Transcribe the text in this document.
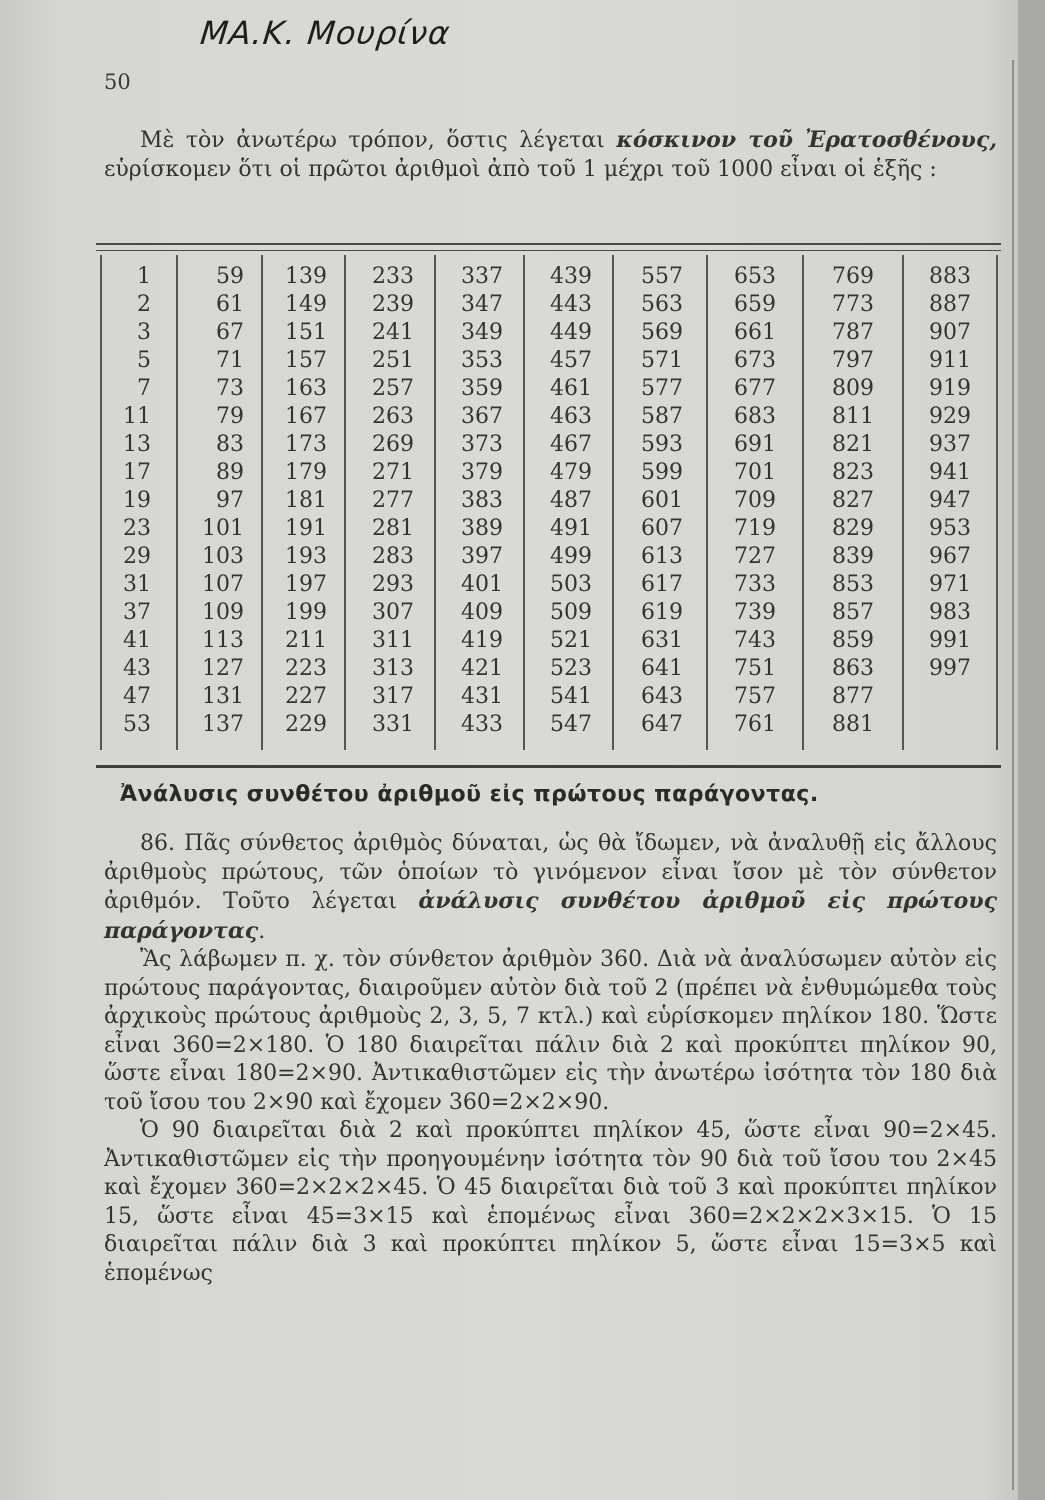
ΜΑ.Κ. Μουρίνα
50

Μὲ τὸν ἀνωτέρω τρόπον, ὅστις λέγεται κόσκινον τοῦ Ἐρατοσθένους, εὑρίσκομεν ὅτι οἱ πρῶτοι ἀριθμοὶ ἀπὸ τοῦ 1 μέχρι τοῦ 1000 εἶναι οἱ ἑξῆς :

1
2
3
5
7
11
13
17
19
23
29
31
37
41
43
47
53
59
61
67
71
73
79
83
89
97
101
103
107
109
113
127
131
137
139
149
151
157
163
167
173
179
181
191
193
197
199
211
223
227
229
233
239
241
251
257
263
269
271
277
281
283
293
307
311
313
317
331
337
347
349
353
359
367
373
379
383
389
397
401
409
419
421
431
433
439
443
449
457
461
463
467
479
487
491
499
503
509
521
523
541
547
557
563
569
571
577
587
593
599
601
607
613
617
619
631
641
643
647
653
659
661
673
677
683
691
701
709
719
727
733
739
743
751
757
761
769
773
787
797
809
811
821
823
827
829
839
853
857
859
863
877
881
883
887
907
911
919
929
937
941
947
953
967
971
983
991
997
Ἀνάλυσις συνθέτου ἀριθμοῦ εἰς πρώτους παράγοντας.

86. Πᾶς σύνθετος ἀριθμὸς δύναται, ὡς θὰ ἴδωμεν, νὰ ἀναλυθῇ εἰς ἄλλους ἀριθμοὺς πρώτους, τῶν ὁποίων τὸ γινόμενον εἶναι ἴσον μὲ τὸν σύνθετον ἀριθμόν. Τοῦτο λέγεται ἀνάλυσις συνθέτου ἀριθμοῦ εἰς πρώτους παράγοντας.

Ἂς λάβωμεν π. χ. τὸν σύνθετον ἀριθμὸν 360. Διὰ νὰ ἀναλύσωμεν αὐτὸν εἰς πρώτους παράγοντας, διαιροῦμεν αὐτὸν διὰ τοῦ 2 (πρέπει νὰ ἐνθυμώμεθα τοὺς ἀρχικοὺς πρώτους ἀριθμοὺς 2, 3, 5, 7 κτλ.) καὶ εὑρίσκομεν πηλίκον 180. Ὥστε εἶναι 360=2×180. Ὁ 180 διαιρεῖται πάλιν διὰ 2 καὶ προκύπτει πηλίκον 90, ὥστε εἶναι 180=2×90. Ἀντικαθιστῶμεν εἰς τὴν ἀνωτέρω ἰσότητα τὸν 180 διὰ τοῦ ἴσου του 2×90 καὶ ἔχομεν 360=2×2×90.

Ὁ 90 διαιρεῖται διὰ 2 καὶ προκύπτει πηλίκον 45, ὥστε εἶναι 90=2×45. Ἀντικαθιστῶμεν εἰς τὴν προηγουμένην ἰσότητα τὸν 90 διὰ τοῦ ἴσου του 2×45 καὶ ἔχομεν 360=2×2×2×45. Ὁ 45 διαιρεῖται διὰ τοῦ 3 καὶ προκύπτει πηλίκον 15, ὥστε εἶναι 45=3×15 καὶ ἑπομένως εἶναι 360=2×2×2×3×15. Ὁ 15 διαιρεῖται πάλιν διὰ 3 καὶ προκύπτει πηλίκον 5, ὥστε εἶναι 15=3×5 καὶ ἑπομένως
